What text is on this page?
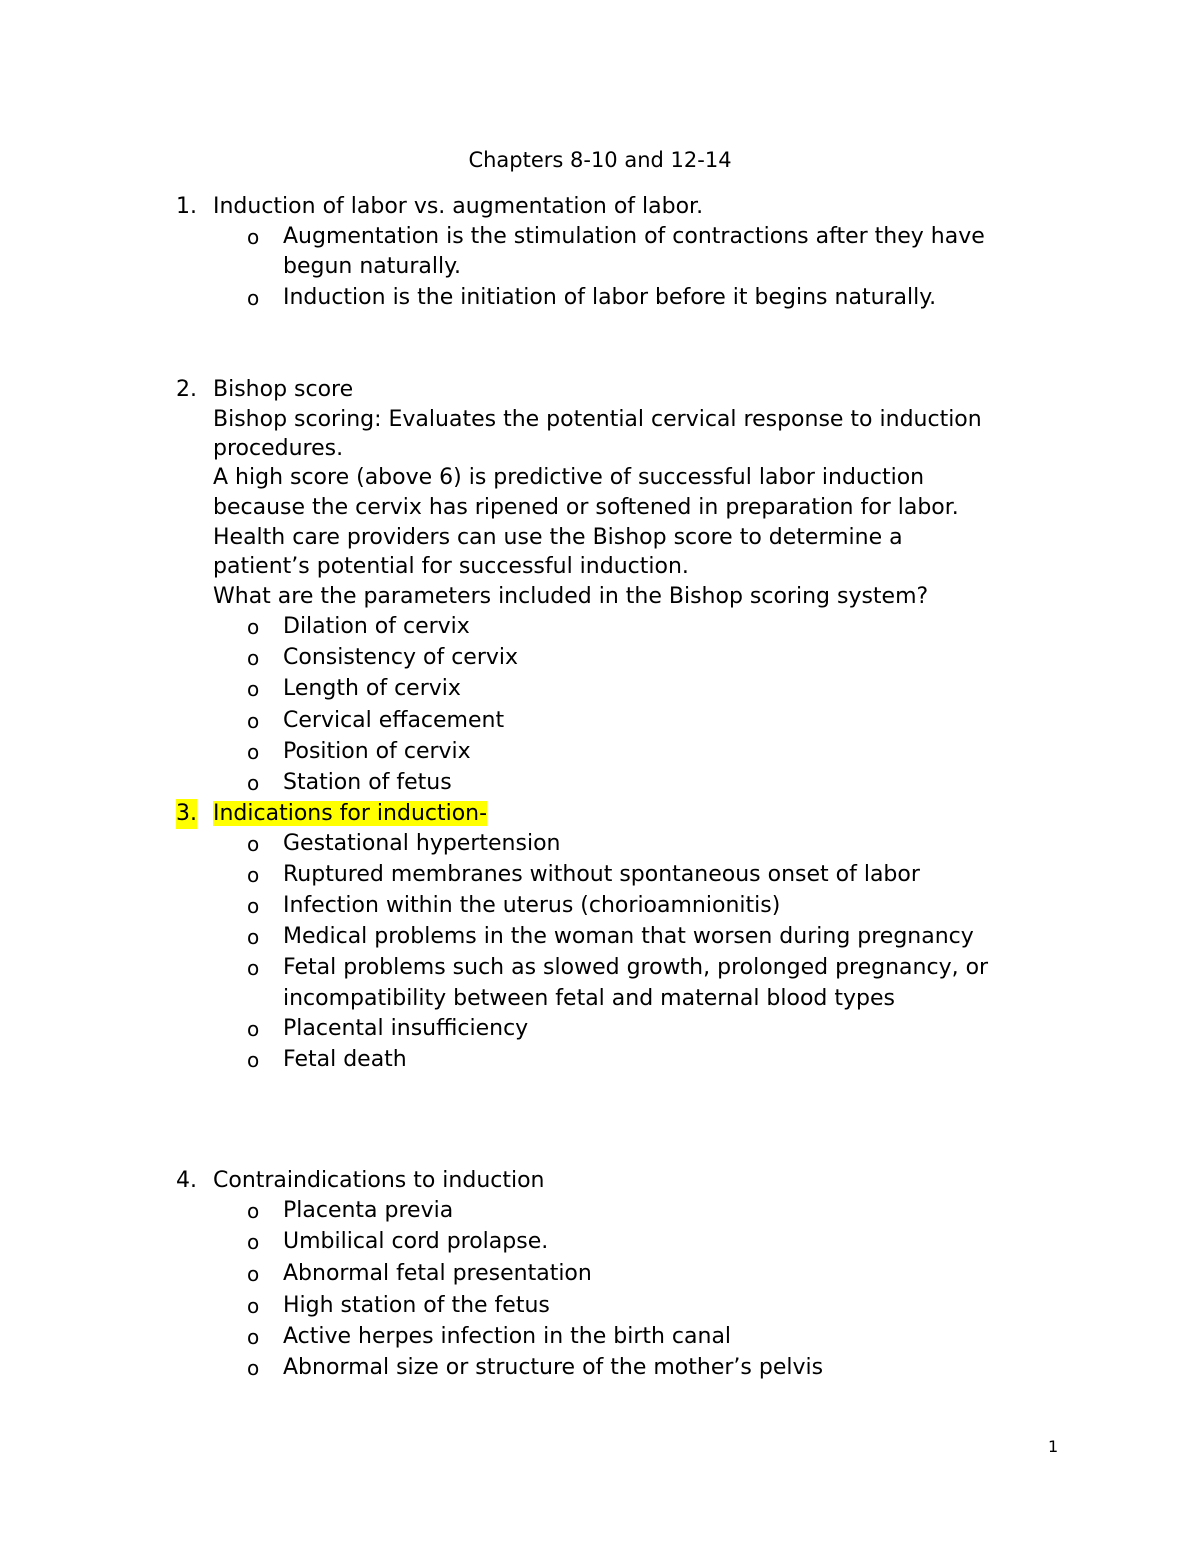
Chapters 8-10 and 12-14
1. Induction of labor vs. augmentation of labor.
o Augmentation is the stimulation of contractions after they have
begun naturally.
o Induction is the initiation of labor before it begins naturally.
2. Bishop score
Bishop scoring: Evaluates the potential cervical response to induction
procedures.
A high score (above 6) is predictive of successful labor induction
because the cervix has ripened or softened in preparation for labor.
Health care providers can use the Bishop score to determine a
patient’s potential for successful induction.
What are the parameters included in the Bishop scoring system?
o Dilation of cervix
o Consistency of cervix
o Length of cervix
o Cervical effacement
o Position of cervix
o Station of fetus
3. Indications for induction-
o Gestational hypertension
o Ruptured membranes without spontaneous onset of labor
o Infection within the uterus (chorioamnionitis)
o Medical problems in the woman that worsen during pregnancy
o Fetal problems such as slowed growth, prolonged pregnancy, or
incompatibility between fetal and maternal blood types
o Placental insufficiency
o Fetal death
4. Contraindications to induction
o Placenta previa
o Umbilical cord prolapse.
o Abnormal fetal presentation
o High station of the fetus
o Active herpes infection in the birth canal
o Abnormal size or structure of the mother’s pelvis
1
